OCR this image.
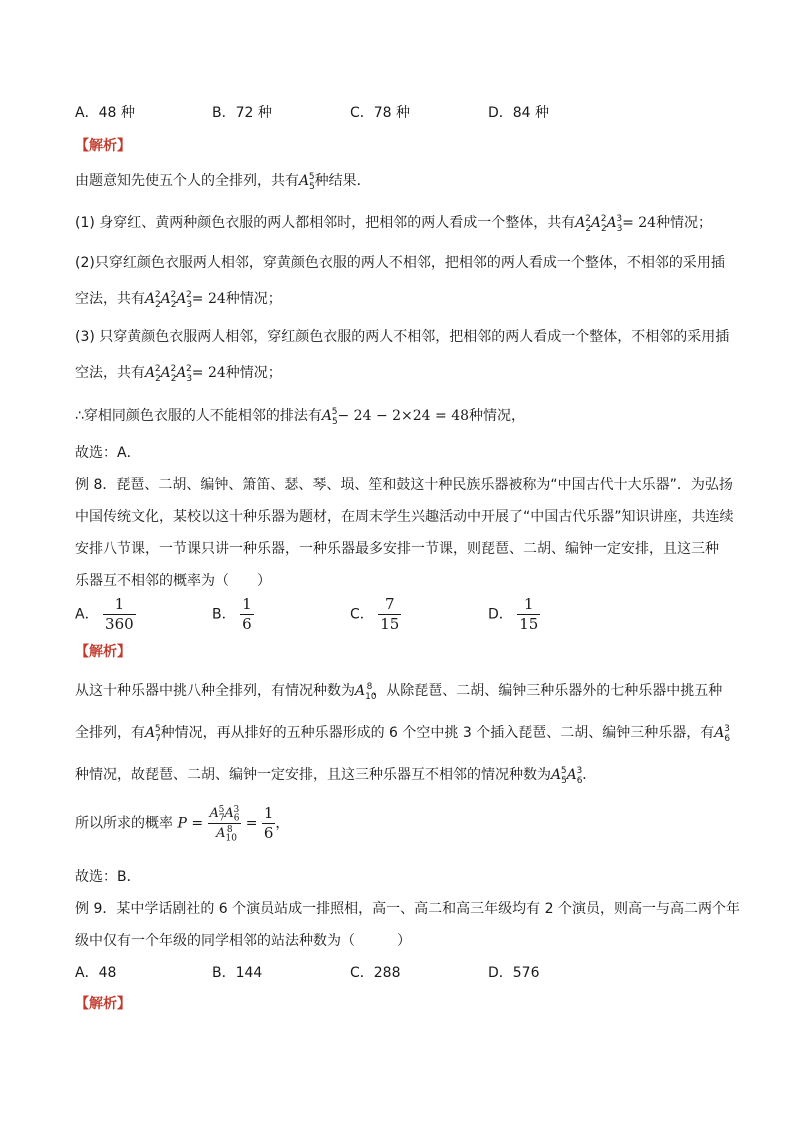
A．48 种	B．72 种	C．78 种	D．84 种
【解析】
由题意知先使五个人的全排列，共有$A_5^5$种结果．
(1) 身穿红、黄两种颜色衣服的两人都相邻时，把相邻的两人看成一个整体，共有$A_2^2A_2^2A_3^3= 24$种情况；
(2)只穿红颜色衣服两人相邻，穿黄颜色衣服的两人不相邻，把相邻的两人看成一个整体，不相邻的采用插
空法，共有$A_2^2A_2^2A_3^2= 24$种情况；
(3) 只穿黄颜色衣服两人相邻，穿红颜色衣服的两人不相邻，把相邻的两人看成一个整体，不相邻的采用插
空法，共有$A_2^2A_2^2A_3^2= 24$种情况；
∴穿相同颜色衣服的人不能相邻的排法有$A_5^5- 24 - 2\times 24 = 48$种情况，
故选：A．
例 8．琵琶、二胡、编钟、箫笛、瑟、琴、埙、笙和鼓这十种民族乐器被称为“中国古代十大乐器”．为弘扬
中国传统文化，某校以这十种乐器为题材，在周末学生兴趣活动中开展了“中国古代乐器”知识讲座，共连续
安排八节课，一节课只讲一种乐器，一种乐器最多安排一节课，则琵琶、二胡、编钟一定安排，且这三种
乐器互不相邻的概率为（　　）
A． $\frac{1}{360}$	B． $\frac{1}{6}$	C． $\frac{7}{15}$	D． $\frac{1}{15}$
【解析】
从这十种乐器中挑八种全排列，有情况种数为$A_{10}^8$．从除琵琶、二胡、编钟三种乐器外的七种乐器中挑五种
全排列，有$A_7^5$种情况，再从排好的五种乐器形成的 6 个空中挑 3 个插入琵琶、二胡、编钟三种乐器，有$A_6^3$
种情况，故琵琶、二胡、编钟一定安排，且这三种乐器互不相邻的情况种数为$A_5^5A_6^3$．
所以所求的概率 $P = \frac{A_7^5A_6^3}{A_{10}^8} = \frac{1}{6}$ ，
故选：B．
例 9．某中学话剧社的 6 个演员站成一排照相，高一、高二和高三年级均有 2 个演员，则高一与高二两个年
级中仅有一个年级的同学相邻的站法种数为（　　　）
A．48	B．144	C．288	D．576
【解析】
